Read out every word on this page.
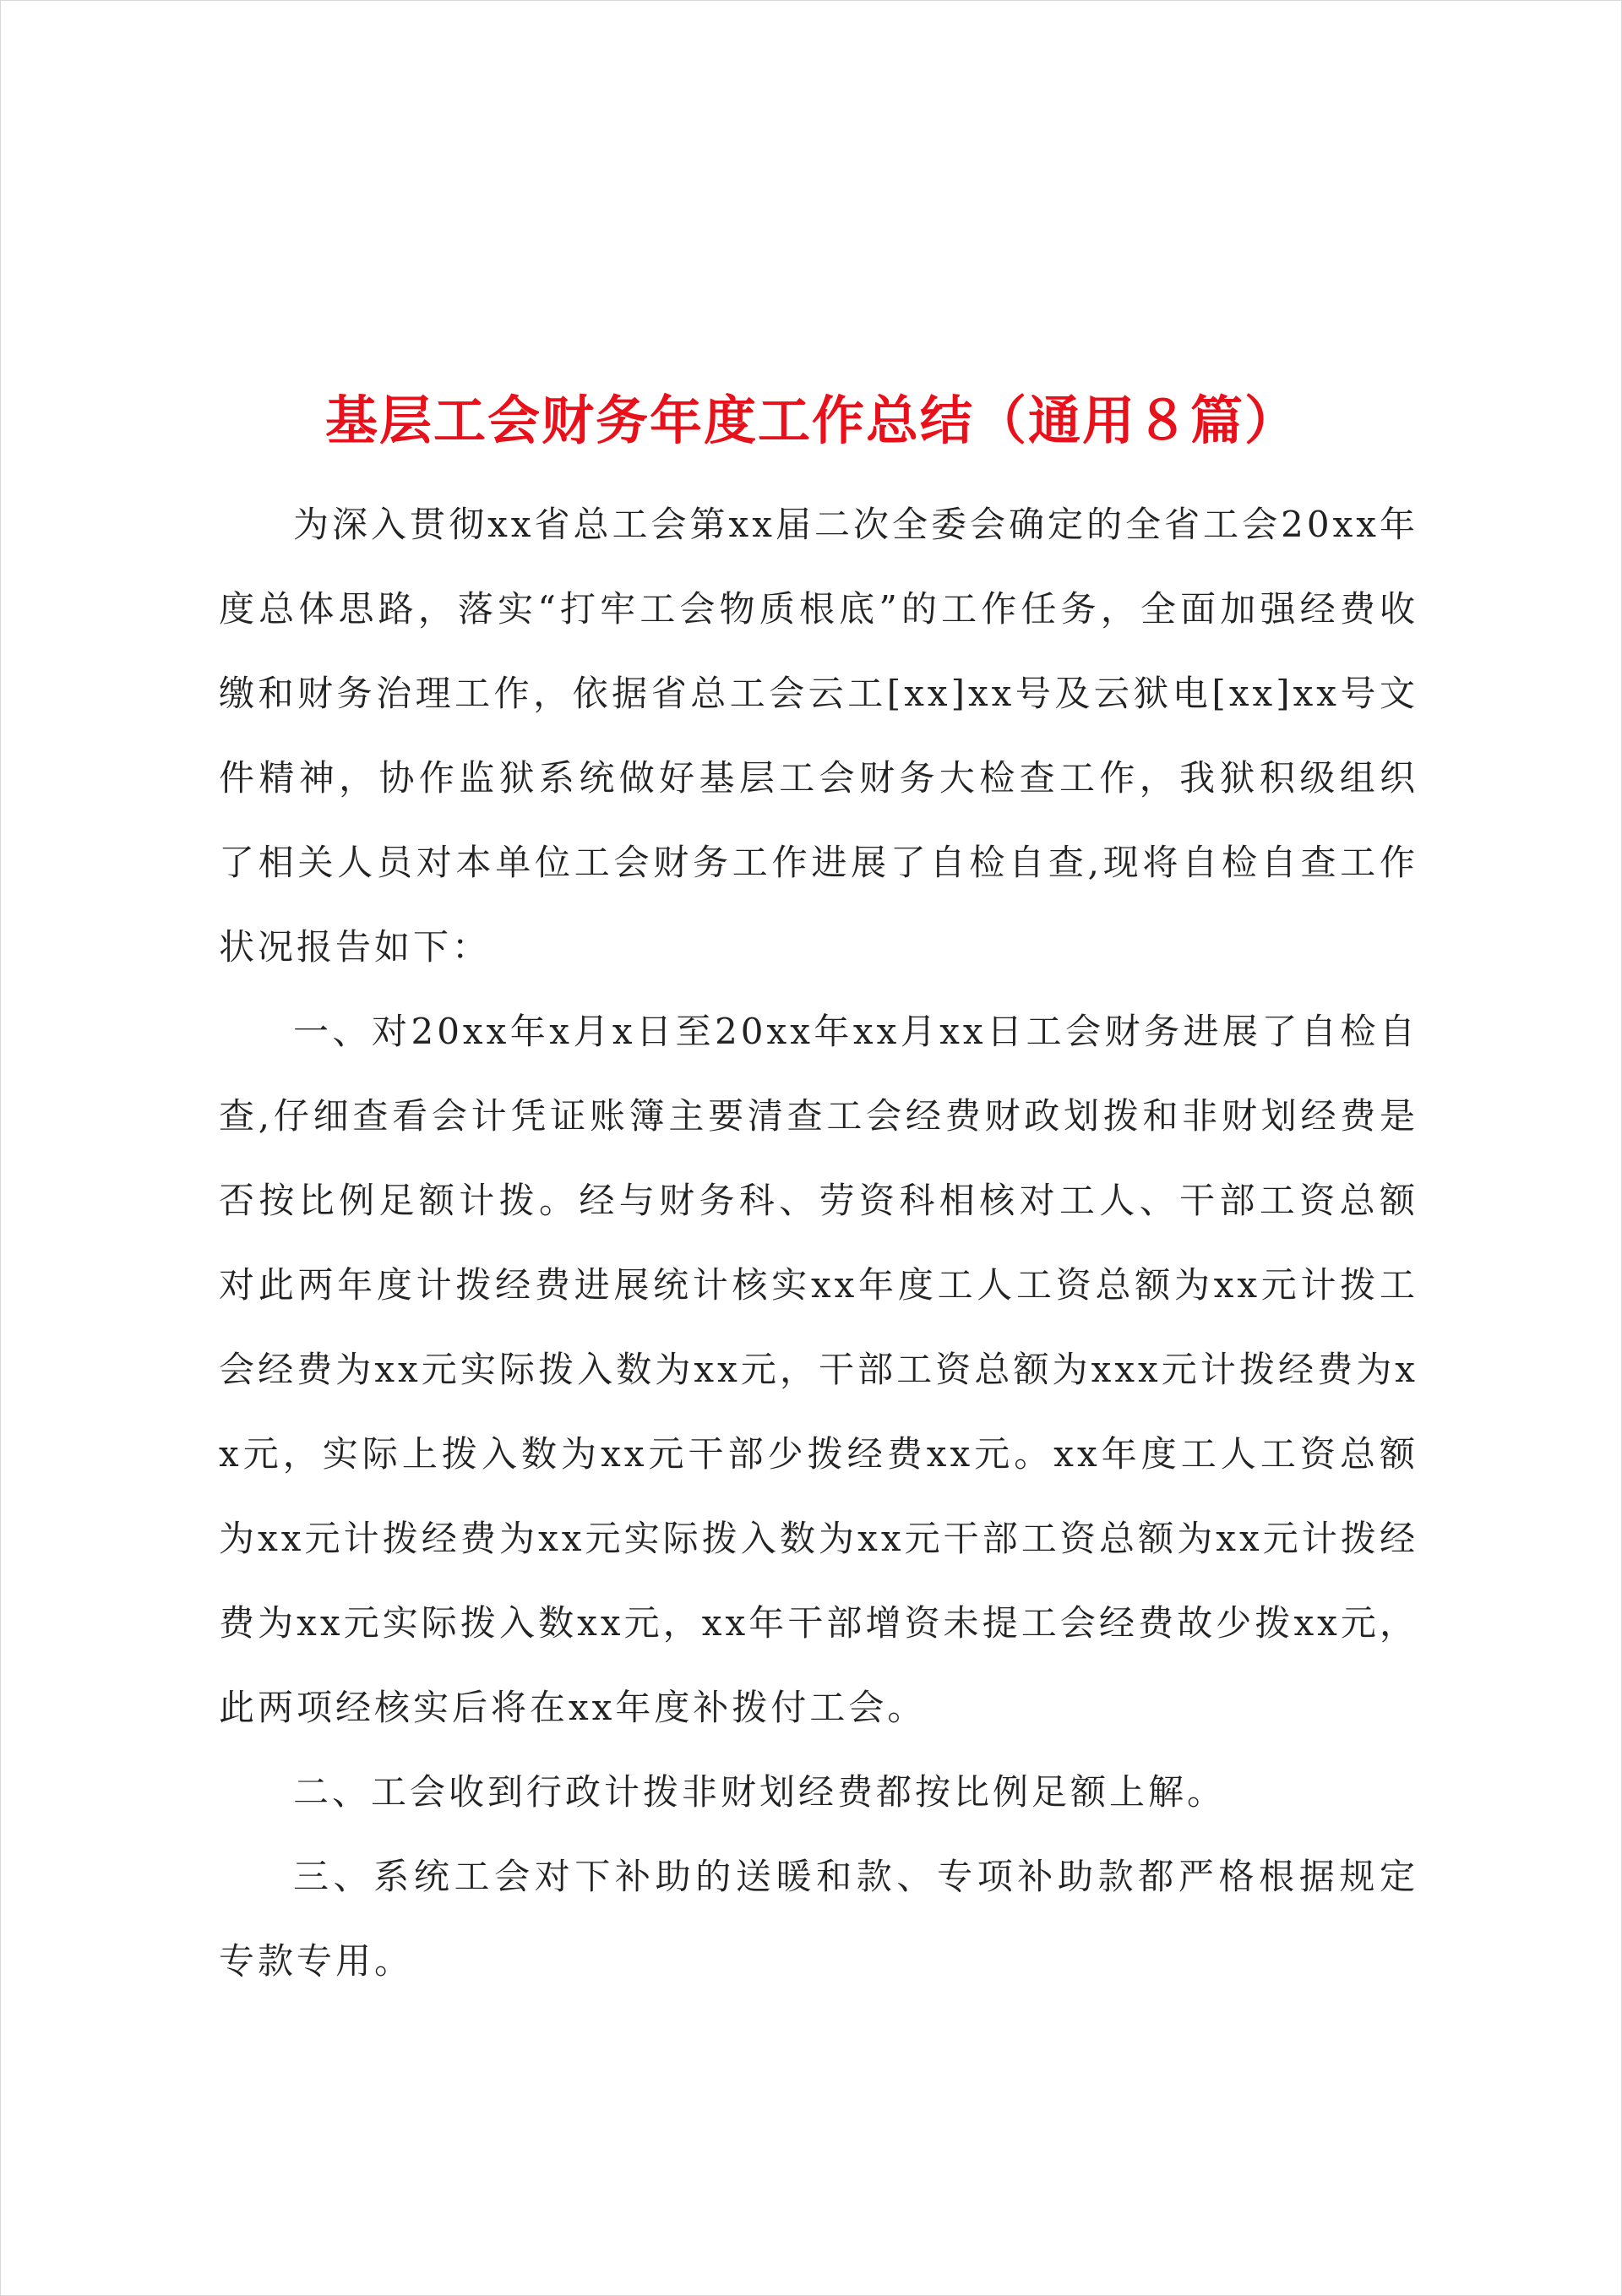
基层工会财务年度工作总结（通用８篇）

为深入贯彻xx省总工会第xx届二次全委会确定的全省工会20xx年度总体思路，落实“打牢工会物质根底”的工作任务，全面加强经费收缴和财务治理工作，依据省总工会云工[xx]xx号及云狱电[xx]xx号文件精神，协作监狱系统做好基层工会财务大检查工作，我狱积级组织了相关人员对本单位工会财务工作进展了自检自查,现将自检自查工作状况报告如下：

一、对20xx年x月x日至20xx年xx月xx日工会财务进展了自检自查,仔细查看会计凭证账簿主要清查工会经费财政划拨和非财划经费是否按比例足额计拨。经与财务科、劳资科相核对工人、干部工资总额对此两年度计拨经费进展统计核实xx年度工人工资总额为xx元计拨工会经费为xx元实际拨入数为xx元，干部工资总额为xxx元计拨经费为xx元，实际上拨入数为xx元干部少拨经费xx元。xx年度工人工资总额为xx元计拨经费为xx元实际拨入数为xx元干部工资总额为xx元计拨经费为xx元实际拨入数xx元，xx年干部增资未提工会经费故少拨xx元，此两项经核实后将在xx年度补拨付工会。

二、工会收到行政计拨非财划经费都按比例足额上解。

三、系统工会对下补助的送暖和款、专项补助款都严格根据规定专款专用。
